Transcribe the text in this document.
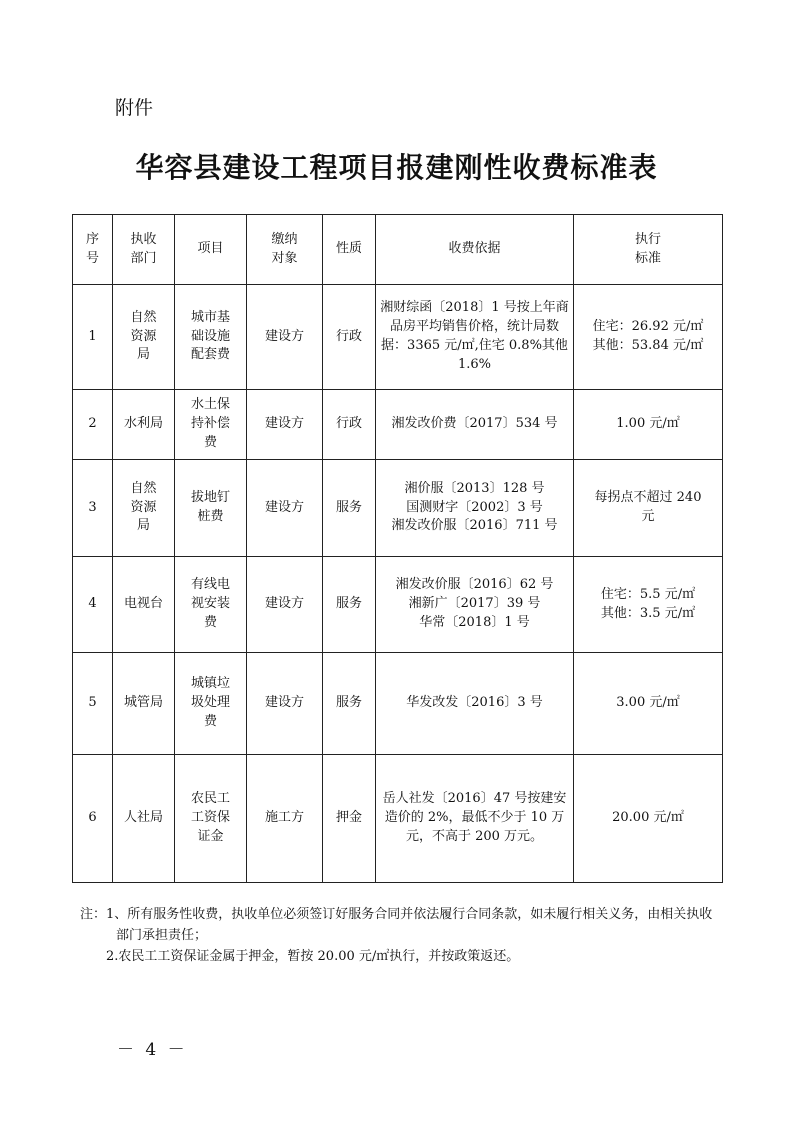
附件
华容县建设工程项目报建刚性收费标准表
序号	执收部门	项目	缴纳对象	性质	收费依据	执行标准
1	自然资源局	城市基础设施配套费	建设方	行政	湘财综函〔2018〕1 号按上年商品房平均销售价格，统计局数据：3365 元/㎡,住宅 0.8%其他 1.6%	住宅：26.92 元/㎡
其他：53.84 元/㎡
2	水利局	水土保持补偿费	建设方	行政	湘发改价费〔2017〕534 号	1.00 元/㎡
3	自然资源局	拔地钉桩费	建设方	服务	湘价服〔2013〕128 号
国测财字〔2002〕3 号
湘发改价服〔2016〕711 号	每拐点不超过 240 元
4	电视台	有线电视安装费	建设方	服务	湘发改价服〔2016〕62 号
湘新广〔2017〕39 号
华常〔2018〕1 号	住宅：5.5 元/㎡
其他：3.5 元/㎡
5	城管局	城镇垃圾处理费	建设方	服务	华发改发〔2016〕3 号	3.00 元/㎡
6	人社局	农民工工资保证金	施工方	押金	岳人社发〔2016〕47 号按建安造价的 2%，最低不少于 10 万元，不高于 200 万元。	20.00 元/㎡
注：1、所有服务性收费，执收单位必须签订好服务合同并依法履行合同条款，如未履行相关义务，由相关执收部门承担责任；
2.农民工工资保证金属于押金，暂按 20.00 元/㎡执行，并按政策返还。
－ 4 －
